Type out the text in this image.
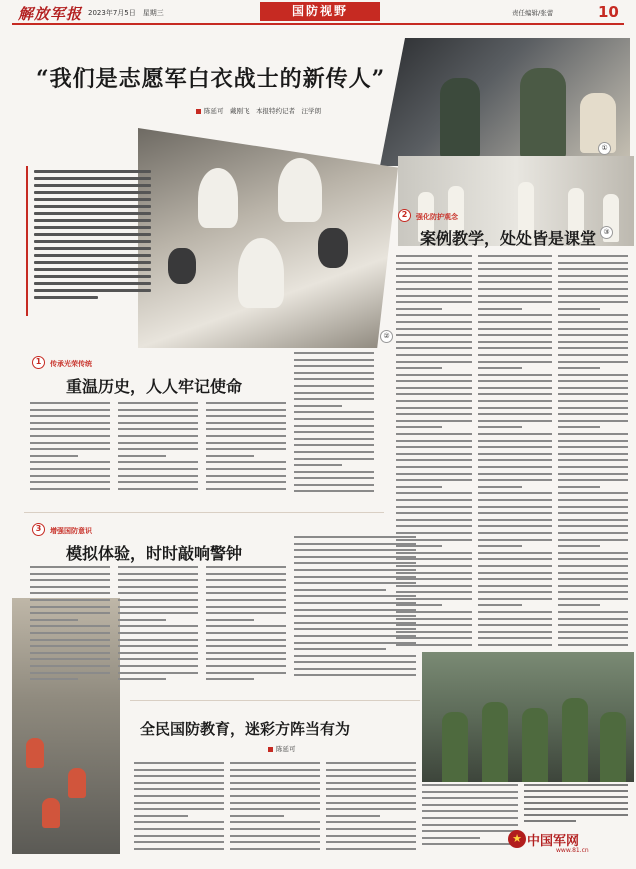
解放军报 2023年7月5日　星期三	国防视野	责任编辑/张蕾	10
①
②
③
“我们是志愿军白衣战士的新传人”
陈延可　戴刚飞　本报特约记者　汪学朗
1	传承光荣传统
重温历史，人人牢记使命
2	强化防护观念
案例教学，处处皆是课堂
3	增强国防意识
模拟体验，时时敲响警钟
全民国防教育，迷彩方阵当有为
陈延可
★ 中国军网
www.81.cn
